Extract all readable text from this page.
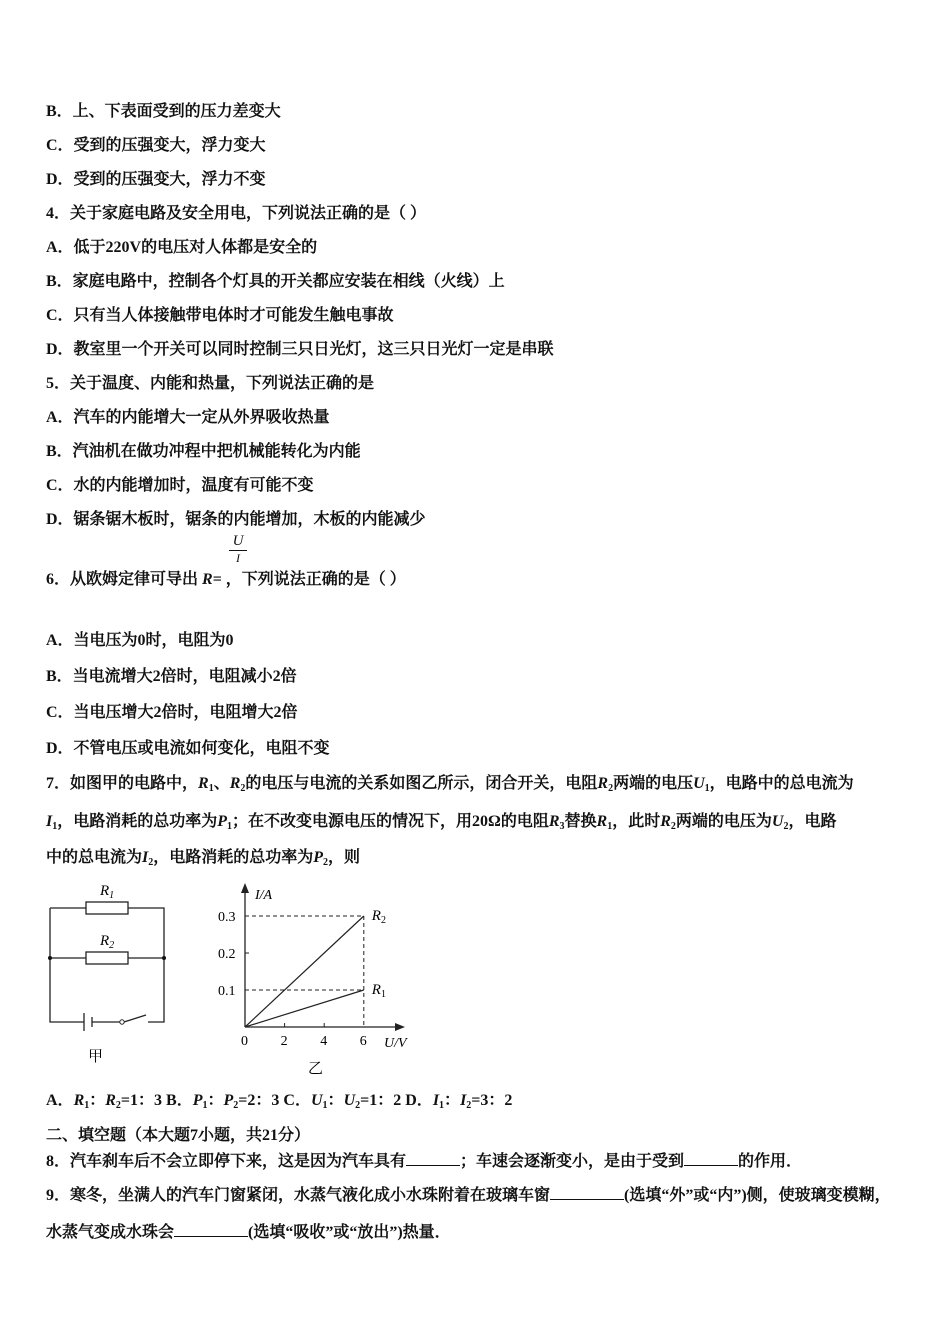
B．上、下表面受到的压力差变大
C．受到的压强变大，浮力变大
D．受到的压强变大，浮力不变
4．关于家庭电路及安全用电，下列说法正确的是（ ）
A．低于220V的电压对人体都是安全的
B．家庭电路中，控制各个灯具的开关都应安装在相线（火线）上
C．只有当人体接触带电体时才可能发生触电事故
D．教室里一个开关可以同时控制三只日光灯，这三只日光灯一定是串联
5．关于温度、内能和热量，下列说法正确的是
A．汽车的内能增大一定从外界吸收热量
B．汽油机在做功冲程中把机械能转化为内能
C．水的内能增加时，温度有可能不变
D．锯条锯木板时，锯条的内能增加，木板的内能减少
6．从欧姆定律可导出 R= ，下列说法正确的是（ ）
A．当电压为0时，电阻为0
B．当电流增大2倍时，电阻减小2倍
C．当电压增大2倍时，电阻增大2倍
D．不管电压或电流如何变化，电阻不变
7．如图甲的电路中，$R_1$、$R_2$的电压与电流的关系如图乙所示，闭合开关，电阻$R_2$两端的电压$U_1$，电路中的总电流为
$I_1$，电路消耗的总功率为$P_1$；在不改变电源电压的情况下，用20Ω的电阻$R_3$替换$R_1$，此时$R_2$两端的电压为$U_2$，电路
中的总电流为$I_2$，电路消耗的总功率为$P_2$，则
A．$R_1$：$R_2=1$：3 B．$P_1$：$P_2=2$：3 C．$U_1$：$U_2=1$：2 D．$I_1$：$I_2=3$：2
二、填空题（本大题7小题，共21分）
8．汽车刹车后不会立即停下来，这是因为汽车具有	；车速会逐渐变小，是由于受到	的作用．
9．寒冬，坐满人的汽车门窗紧闭，水蒸气液化成小水珠附着在玻璃车窗	(选填“外”或“内”)侧，使玻璃变模糊，
水蒸气变成水珠会	(选填“吸收”或“放出”)热量．
U
I
$R_1$
$R_2$
甲
I/A
U/V
乙
$R_2$
$R_1$
0 2 4 6
0.1
0.2
0.3
